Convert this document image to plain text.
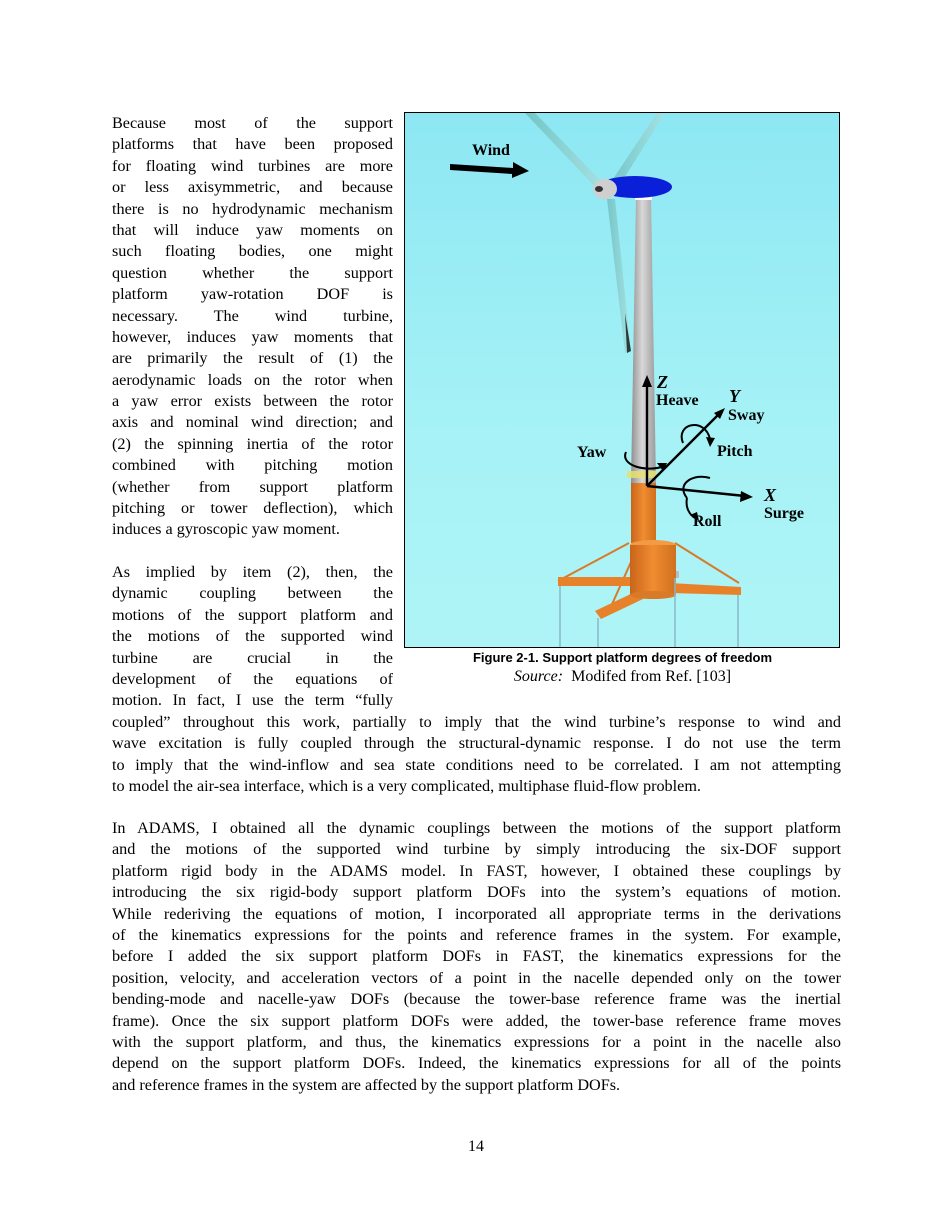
Because most of the support
platforms that have been proposed
for floating wind turbines are more
or less axisymmetric, and because
there is no hydrodynamic mechanism
that will induce yaw moments on
such floating bodies, one might
question whether the support
platform yaw-rotation DOF is
necessary. The wind turbine,
however, induces yaw moments that
are primarily the result of (1) the
aerodynamic loads on the rotor when
a yaw error exists between the rotor
axis and nominal wind direction; and
(2) the spinning inertia of the rotor
combined with pitching motion
(whether from support platform
pitching or tower deflection), which
induces a gyroscopic yaw moment.
As implied by item (2), then, the
dynamic coupling between the
motions of the support platform and
the motions of the supported wind
turbine are crucial in the
development of the equations of
motion. In fact, I use the term “fully
coupled” throughout this work, partially to imply that the wind turbine’s response to wind and
wave excitation is fully coupled through the structural-dynamic response. I do not use the term
to imply that the wind-inflow and sea state conditions need to be correlated. I am not attempting
to model the air-sea interface, which is a very complicated, multiphase fluid-flow problem.
In ADAMS, I obtained all the dynamic couplings between the motions of the support platform
and the motions of the supported wind turbine by simply introducing the six-DOF support
platform rigid body in the ADAMS model. In FAST, however, I obtained these couplings by
introducing the six rigid-body support platform DOFs into the system’s equations of motion.
While rederiving the equations of motion, I incorporated all appropriate terms in the derivations
of the kinematics expressions for the points and reference frames in the system. For example,
before I added the six support platform DOFs in FAST, the kinematics expressions for the
position, velocity, and acceleration vectors of a point in the nacelle depended only on the tower
bending-mode and nacelle-yaw DOFs (because the tower-base reference frame was the inertial
frame). Once the six support platform DOFs were added, the tower-base reference frame moves
with the support platform, and thus, the kinematics expressions for a point in the nacelle also
depend on the support platform DOFs. Indeed, the kinematics expressions for all of the points
and reference frames in the system are affected by the support platform DOFs.
Wind
Z
Heave Y
Sway
Yaw	Pitch
X
Surge
Roll
Figure 2-1. Support platform degrees of freedom
Source:  Modifed from Ref. [103]
14
